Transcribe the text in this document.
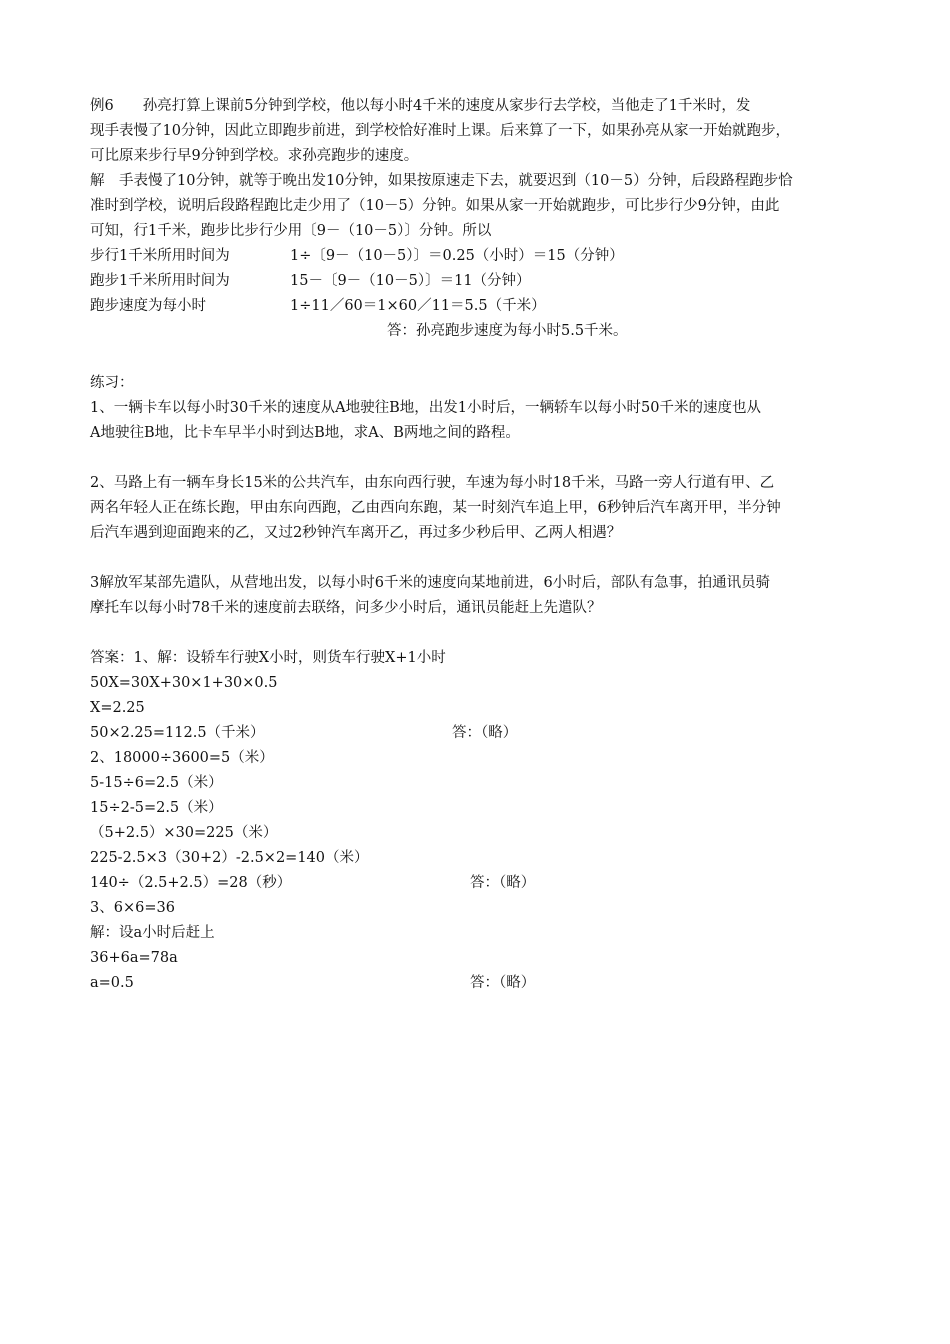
例6　　孙亮打算上课前5分钟到学校，他以每小时4千米的速度从家步行去学校，当他走了1千米时，发
现手表慢了10分钟，因此立即跑步前进，到学校恰好准时上课。后来算了一下，如果孙亮从家一开始就跑步，
可比原来步行早9分钟到学校。求孙亮跑步的速度。
解　手表慢了10分钟，就等于晚出发10分钟，如果按原速走下去，就要迟到（10－5）分钟，后段路程跑步恰
准时到学校，说明后段路程跑比走少用了（10－5）分钟。如果从家一开始就跑步，可比步行少9分钟，由此
可知，行1千米，跑步比步行少用〔9－（10－5）〕分钟。所以
步行1千米所用时间为	1÷〔9－（10－5）〕＝0.25（小时）＝15（分钟）
跑步1千米所用时间为	15－〔9－（10－5）〕＝11（分钟）
跑步速度为每小时	1÷11／60＝1×60／11＝5.5（千米）
答：孙亮跑步速度为每小时5.5千米。
练习：
1、一辆卡车以每小时30千米的速度从A地驶往B地，出发1小时后，一辆轿车以每小时50千米的速度也从
A地驶往B地，比卡车早半小时到达B地，求A、B两地之间的路程。
2、马路上有一辆车身长15米的公共汽车，由东向西行驶，车速为每小时18千米，马路一旁人行道有甲、乙
两名年轻人正在练长跑，甲由东向西跑，乙由西向东跑，某一时刻汽车追上甲，6秒钟后汽车离开甲，半分钟
后汽车遇到迎面跑来的乙，又过2秒钟汽车离开乙，再过多少秒后甲、乙两人相遇？
3解放军某部先遣队，从营地出发，以每小时6千米的速度向某地前进，6小时后，部队有急事，拍通讯员骑
摩托车以每小时78千米的速度前去联络，问多少小时后，通讯员能赶上先遣队？
答案：1、解：设轿车行驶X小时，则货车行驶X+1小时
50X=30X+30×1+30×0.5
X=2.25
50×2.25=112.5（千米）	答：（略）
2、18000÷3600=5（米）
5-15÷6=2.5（米）
15÷2-5=2.5（米）
（5+2.5）×30=225（米）
225-2.5×3（30+2）-2.5×2=140（米）
140÷（2.5+2.5）=28（秒）	答：（略）
3、6×6=36
解：设a小时后赶上
36+6a=78a
a=0.5	答：（略）
